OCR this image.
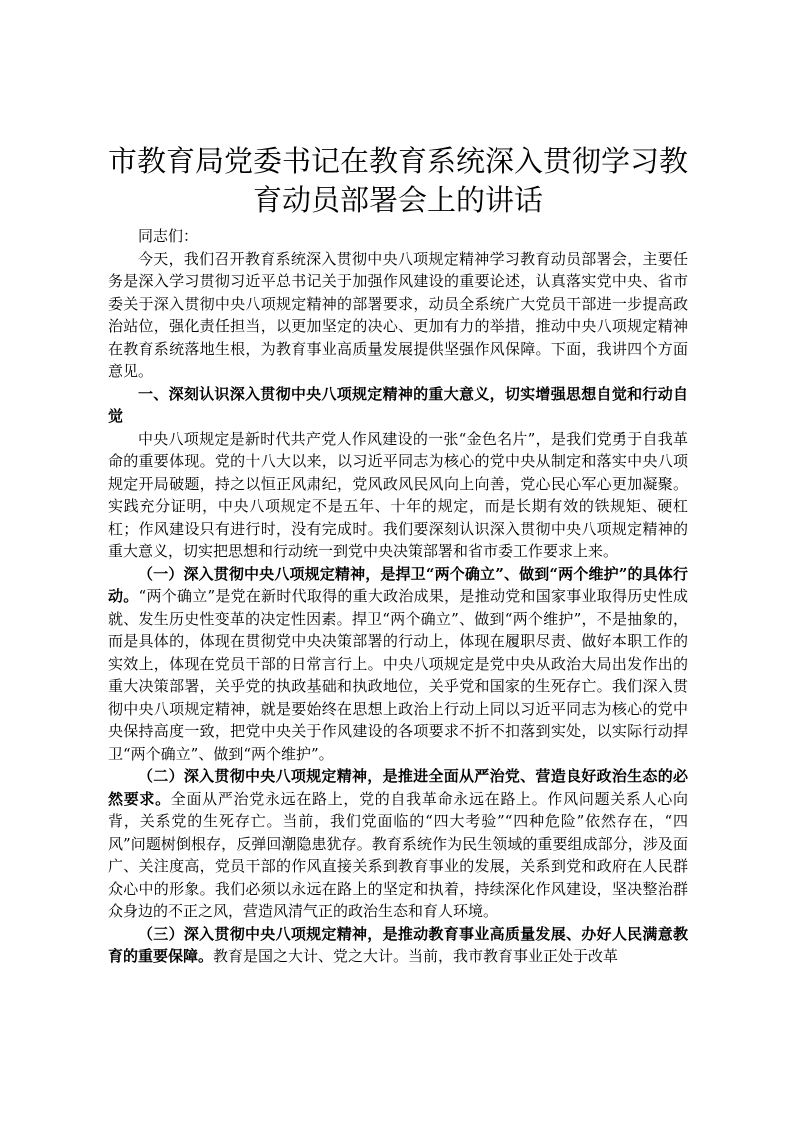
市教育局党委书记在教育系统深入贯彻学习教育动员部署会上的讲话

同志们：

今天，我们召开教育系统深入贯彻中央八项规定精神学习教育动员部署会，主要任务是深入学习贯彻习近平总书记关于加强作风建设的重要论述，认真落实党中央、省市委关于深入贯彻中央八项规定精神的部署要求，动员全系统广大党员干部进一步提高政治站位，强化责任担当，以更加坚定的决心、更加有力的举措，推动中央八项规定精神在教育系统落地生根，为教育事业高质量发展提供坚强作风保障。下面，我讲四个方面意见。

一、深刻认识深入贯彻中央八项规定精神的重大意义，切实增强思想自觉和行动自觉

中央八项规定是新时代共产党人作风建设的一张“金色名片”，是我们党勇于自我革命的重要体现。党的十八大以来，以习近平同志为核心的党中央从制定和落实中央八项规定开局破题，持之以恒正风肃纪，党风政风民风向上向善，党心民心军心更加凝聚。实践充分证明，中央八项规定不是五年、十年的规定，而是长期有效的铁规矩、硬杠杠；作风建设只有进行时，没有完成时。我们要深刻认识深入贯彻中央八项规定精神的重大意义，切实把思想和行动统一到党中央决策部署和省市委工作要求上来。

（一）深入贯彻中央八项规定精神，是捍卫“两个确立”、做到“两个维护”的具体行动。“两个确立”是党在新时代取得的重大政治成果，是推动党和国家事业取得历史性成就、发生历史性变革的决定性因素。捍卫“两个确立”、做到“两个维护”，不是抽象的，而是具体的，体现在贯彻党中央决策部署的行动上，体现在履职尽责、做好本职工作的实效上，体现在党员干部的日常言行上。中央八项规定是党中央从政治大局出发作出的重大决策部署，关乎党的执政基础和执政地位，关乎党和国家的生死存亡。我们深入贯彻中央八项规定精神，就是要始终在思想上政治上行动上同以习近平同志为核心的党中央保持高度一致，把党中央关于作风建设的各项要求不折不扣落到实处，以实际行动捍卫“两个确立”、做到“两个维护”。

（二）深入贯彻中央八项规定精神，是推进全面从严治党、营造良好政治生态的必然要求。全面从严治党永远在路上，党的自我革命永远在路上。作风问题关系人心向背，关系党的生死存亡。当前，我们党面临的“四大考验”“四种危险”依然存在，“四风”问题树倒根存，反弹回潮隐患犹存。教育系统作为民生领域的重要组成部分，涉及面广、关注度高，党员干部的作风直接关系到教育事业的发展，关系到党和政府在人民群众心中的形象。我们必须以永远在路上的坚定和执着，持续深化作风建设，坚决整治群众身边的不正之风，营造风清气正的政治生态和育人环境。

（三）深入贯彻中央八项规定精神，是推动教育事业高质量发展、办好人民满意教育的重要保障。教育是国之大计、党之大计。当前，我市教育事业正处于改革
